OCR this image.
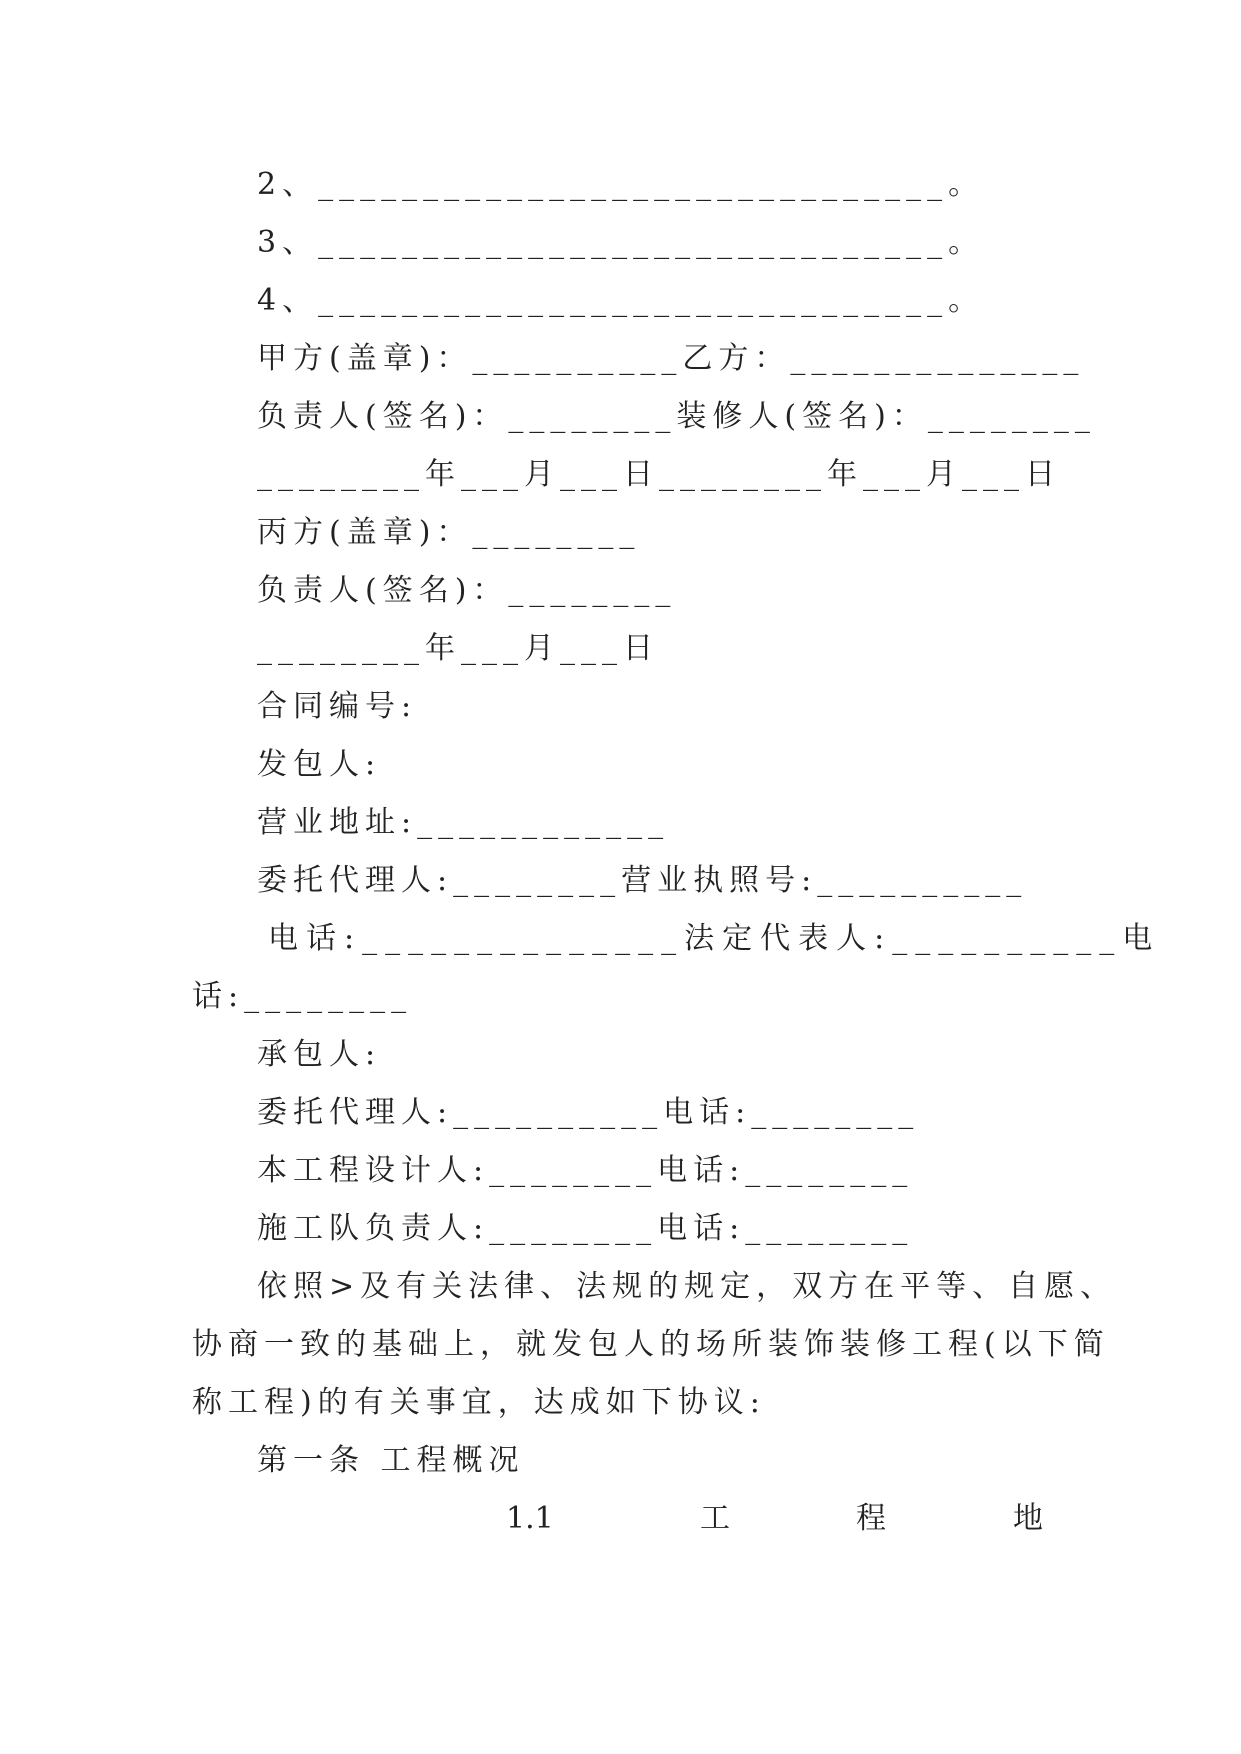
2、______________________________。
3、______________________________。
4、______________________________。
甲方(盖章)：__________乙方：______________
负责人(签名)：________装修人(签名)：________
________年___月___日________年___月___日
丙方(盖章)：________
负责人(签名)：________
________年___月___日
合同编号:
发包人:
营业地址:____________
委托代理人:________营业执照号:__________
电话:______________ 法定代表人:__________ 电
话:________
承包人:
委托代理人:__________电话:________
本工程设计人:________电话:________
施工队负责人:________电话:________
依照>及有关法律、法规的规定，双方在平等、自愿、
协商一致的基础上，就发包人的场所装饰装修工程(以下简
称工程)的有关事宜，达成如下协议:
第一条 工程概况
1.1	工	程	地
